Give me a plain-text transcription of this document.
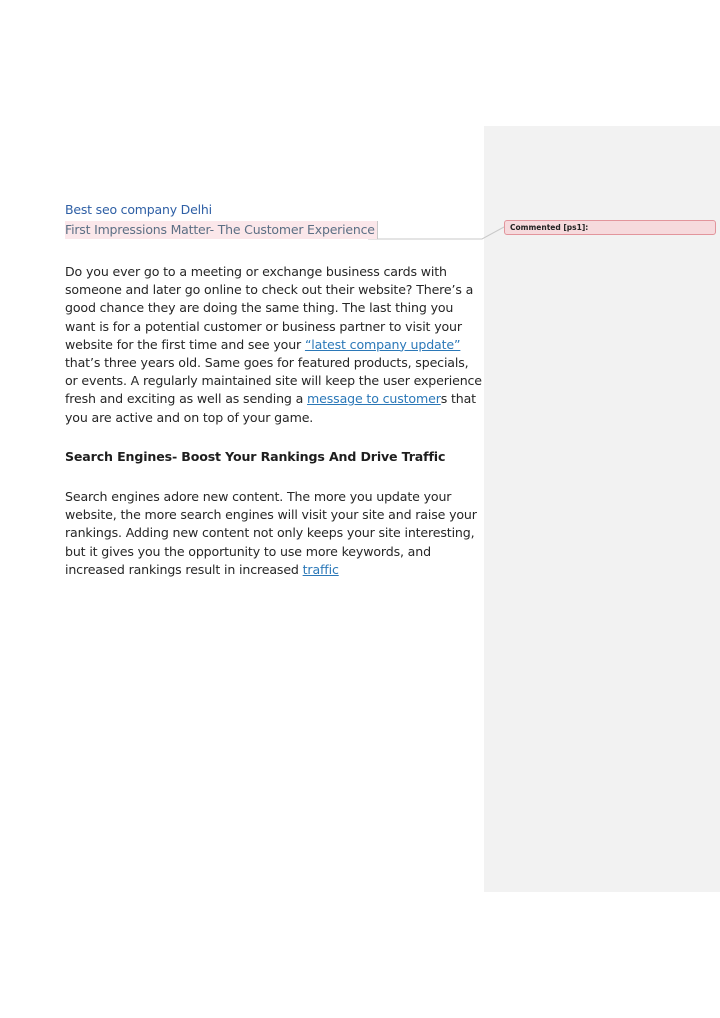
Commented [ps1]:
Best seo company Delhi
First Impressions Matter- The Customer Experience

Do you ever go to a meeting or exchange business cards with someone and later go online to check out their website? There’s a good chance they are doing the same thing. The last thing you want is for a potential customer or business partner to visit your website for the first time and see your “latest company update” that’s three years old. Same goes for featured products, specials, or events. A regularly maintained site will keep the user experience fresh and exciting as well as sending a message to customers that you are active and on top of your game.

Search Engines- Boost Your Rankings And Drive Traffic

Search engines adore new content. The more you update your website, the more search engines will visit your site and raise your rankings. Adding new content not only keeps your site interesting, but it gives you the opportunity to use more keywords, and increased rankings result in increased traffic
